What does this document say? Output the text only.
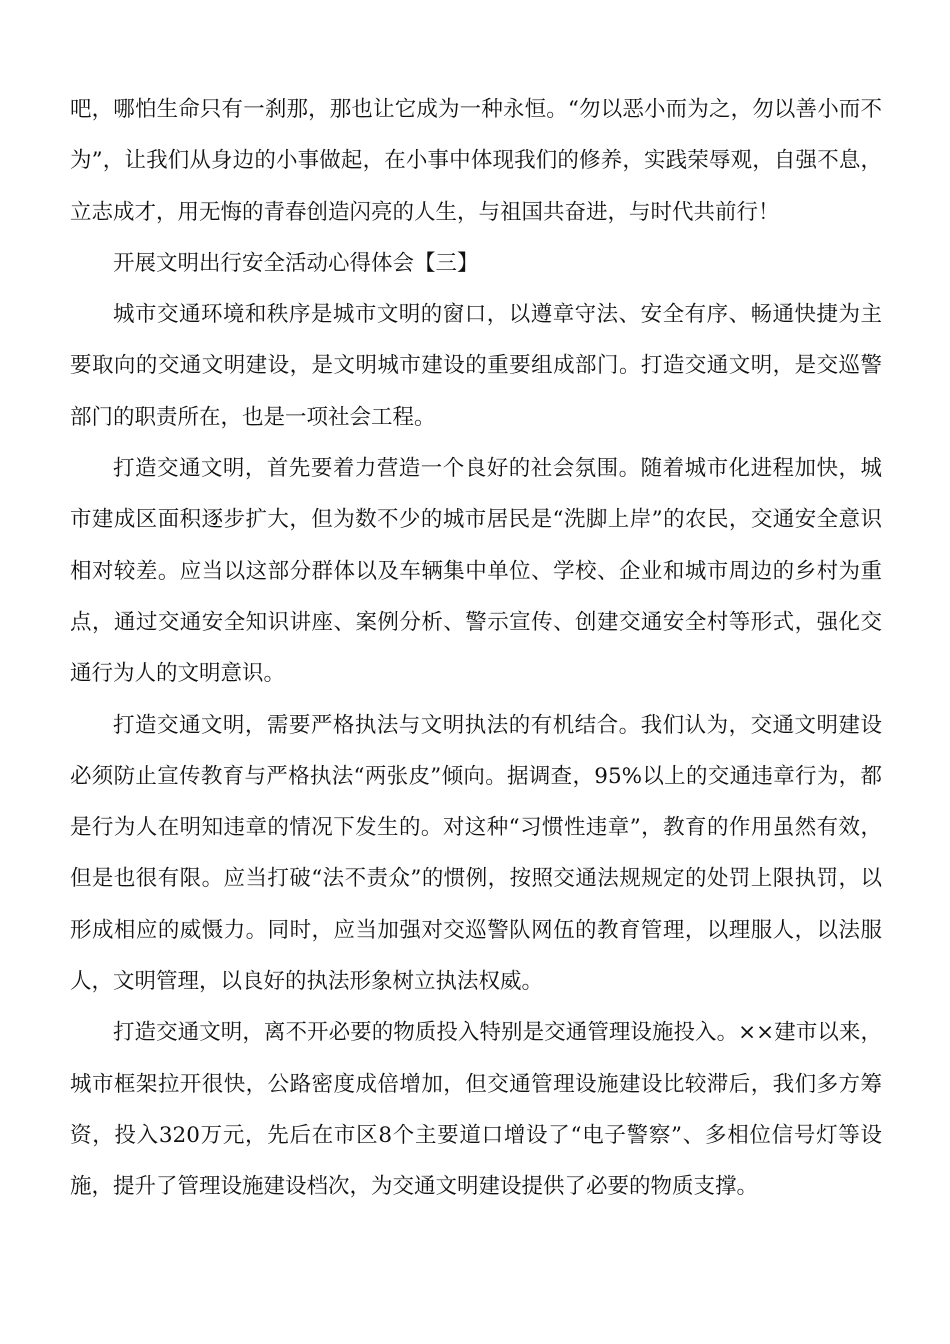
吧，哪怕生命只有一刹那，那也让它成为一种永恒。“勿以恶小而为之，勿以善小而不为”，让我们从身边的小事做起，在小事中体现我们的修养，实践荣辱观，自强不息，立志成才，用无悔的青春创造闪亮的人生，与祖国共奋进，与时代共前行！

开展文明出行安全活动心得体会【三】

城市交通环境和秩序是城市文明的窗口，以遵章守法、安全有序、畅通快捷为主要取向的交通文明建设，是文明城市建设的重要组成部门。打造交通文明，是交巡警部门的职责所在，也是一项社会工程。

打造交通文明，首先要着力营造一个良好的社会氛围。随着城市化进程加快，城市建成区面积逐步扩大，但为数不少的城市居民是“洗脚上岸”的农民，交通安全意识相对较差。应当以这部分群体以及车辆集中单位、学校、企业和城市周边的乡村为重点，通过交通安全知识讲座、案例分析、警示宣传、创建交通安全村等形式，强化交通行为人的文明意识。

打造交通文明，需要严格执法与文明执法的有机结合。我们认为，交通文明建设必须防止宣传教育与严格执法“两张皮”倾向。据调查，95%以上的交通违章行为，都是行为人在明知违章的情况下发生的。对这种“习惯性违章”，教育的作用虽然有效，但是也很有限。应当打破“法不责众”的惯例，按照交通法规规定的处罚上限执罚，以形成相应的威慑力。同时，应当加强对交巡警队网伍的教育管理，以理服人，以法服人，文明管理，以良好的执法形象树立执法权威。

打造交通文明，离不开必要的物质投入特别是交通管理设施投入。××建市以来，城市框架拉开很快，公路密度成倍增加，但交通管理设施建设比较滞后，我们多方筹资，投入320万元，先后在市区8个主要道口增设了“电子警察”、多相位信号灯等设施，提升了管理设施建设档次，为交通文明建设提供了必要的物质支撑。
